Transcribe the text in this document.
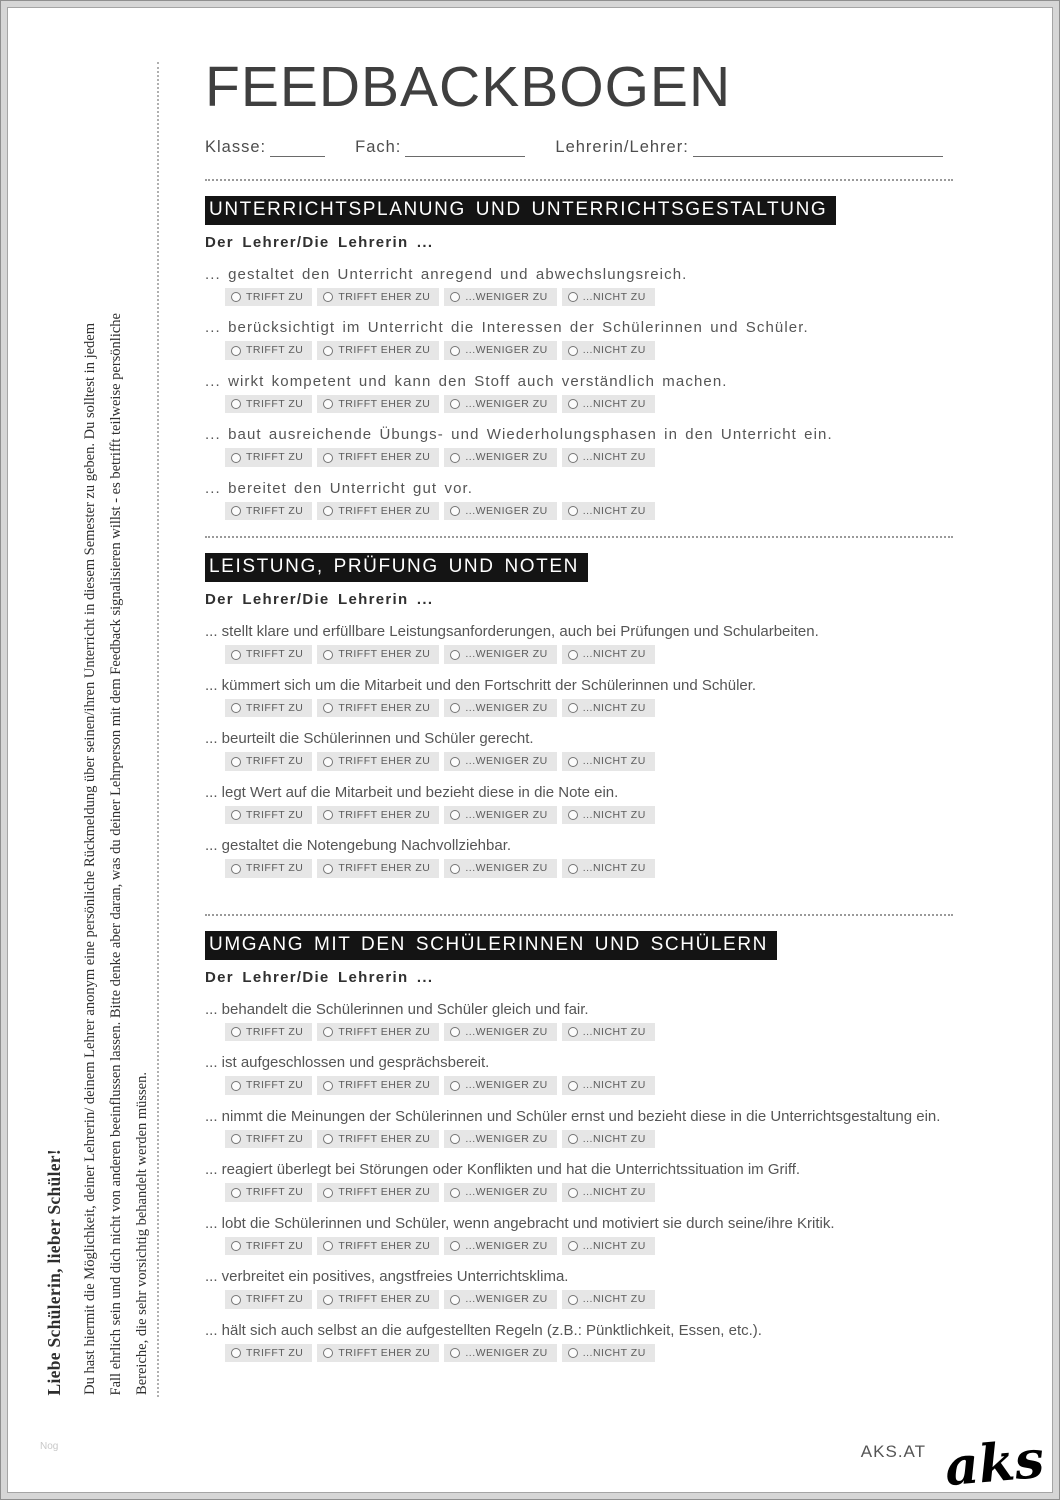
Liebe Schülerin, lieber Schüler! Du hast hiermit die Möglichkeit, deiner Lehrerin/ deinem Lehrer anonym eine persönliche Rückmeldung über seinen/ihren Unterricht in diesem Semester zu geben. Du solltest in jedem Fall ehrlich sein und dich nicht von anderen beeinflussen lassen. Bitte denke aber daran, was du deiner Lehrperson mit dem Feedback signalisieren willst - es betrifft teilweise persönliche Bereiche, die sehr vorsichtig behandelt werden müssen.
FEEDBACKBOGEN
Klasse:	Fach:	Lehrerin/Lehrer:
UNTERRICHTSPLANUNG UND UNTERRICHTSGESTALTUNG
Der Lehrer/Die Lehrerin ...
... gestaltet den Unterricht anregend und abwechslungsreich.
TRIFFT ZU	TRIFFT EHER ZU	...WENIGER ZU	...NICHT ZU
... berücksichtigt im Unterricht die Interessen der Schülerinnen und Schüler.
TRIFFT ZU	TRIFFT EHER ZU	...WENIGER ZU	...NICHT ZU
... wirkt kompetent und kann den Stoff auch verständlich machen.
TRIFFT ZU	TRIFFT EHER ZU	...WENIGER ZU	...NICHT ZU
... baut ausreichende Übungs- und Wiederholungsphasen in den Unterricht ein.
TRIFFT ZU	TRIFFT EHER ZU	...WENIGER ZU	...NICHT ZU
... bereitet den Unterricht gut vor.
TRIFFT ZU	TRIFFT EHER ZU	...WENIGER ZU	...NICHT ZU
LEISTUNG, PRÜFUNG UND NOTEN
Der Lehrer/Die Lehrerin ...
... stellt klare und erfüllbare Leistungsanforderungen, auch bei Prüfungen und Schularbeiten.
TRIFFT ZU	TRIFFT EHER ZU	...WENIGER ZU	...NICHT ZU
... kümmert sich um die Mitarbeit und den Fortschritt der Schülerinnen und Schüler.
TRIFFT ZU	TRIFFT EHER ZU	...WENIGER ZU	...NICHT ZU
... beurteilt die Schülerinnen und Schüler gerecht.
TRIFFT ZU	TRIFFT EHER ZU	...WENIGER ZU	...NICHT ZU
... legt Wert auf die Mitarbeit und bezieht diese in die Note ein.
TRIFFT ZU	TRIFFT EHER ZU	...WENIGER ZU	...NICHT ZU
... gestaltet die Notengebung Nachvollziehbar.
TRIFFT ZU	TRIFFT EHER ZU	...WENIGER ZU	...NICHT ZU
UMGANG MIT DEN SCHÜLERINNEN UND SCHÜLERN
Der Lehrer/Die Lehrerin ...
... behandelt die Schülerinnen und Schüler gleich und fair.
TRIFFT ZU	TRIFFT EHER ZU	...WENIGER ZU	...NICHT ZU
... ist aufgeschlossen und gesprächsbereit.
TRIFFT ZU	TRIFFT EHER ZU	...WENIGER ZU	...NICHT ZU
... nimmt die Meinungen der Schülerinnen und Schüler ernst und bezieht diese in die Unterrichtsgestaltung ein.
TRIFFT ZU	TRIFFT EHER ZU	...WENIGER ZU	...NICHT ZU
... reagiert überlegt bei Störungen oder Konflikten und hat die Unterrichtssituation im Griff.
TRIFFT ZU	TRIFFT EHER ZU	...WENIGER ZU	...NICHT ZU
... lobt die Schülerinnen und Schüler, wenn angebracht und motiviert sie durch seine/ihre Kritik.
TRIFFT ZU	TRIFFT EHER ZU	...WENIGER ZU	...NICHT ZU
... verbreitet ein positives, angstfreies Unterrichtsklima.
TRIFFT ZU	TRIFFT EHER ZU	...WENIGER ZU	...NICHT ZU
... hält sich auch selbst an die aufgestellten Regeln (z.B.: Pünktlichkeit, Essen, etc.).
TRIFFT ZU	TRIFFT EHER ZU	...WENIGER ZU	...NICHT ZU
Nog	AKS.AT aks
